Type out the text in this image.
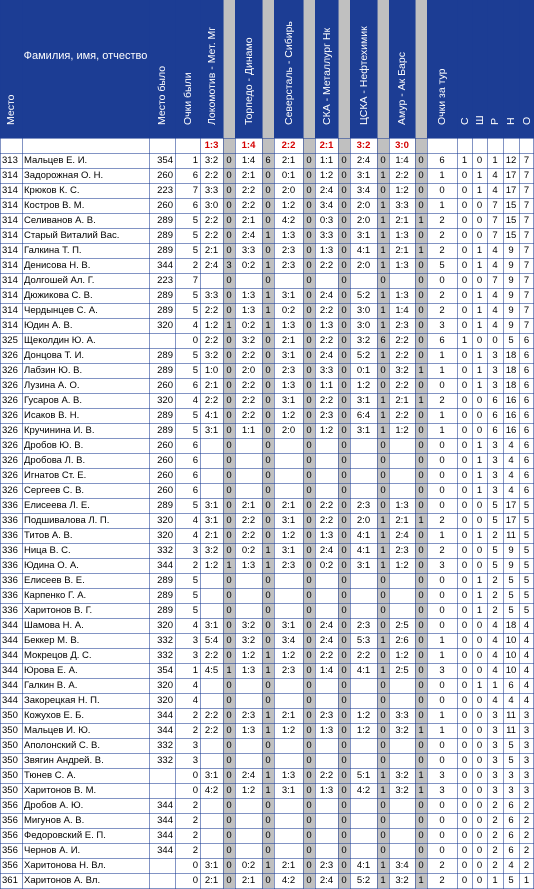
Место
Фамилия, имя, отчество
Место было Очки были Локомотив - Мет. Мг Торпедо - Динамо	Северсталь - Сибирь СКА - Металлург Нк ЦСКА - Нефтехимик	Амур - Ак Барс	Очки за тур С Ш Р Н О
1:3	1:4	2:2	2:1	3:2	3:0
313 Мальцев Е. И.	354	1 3:2 0	1:4	6	2:1	0 1:1 0	2:4	0	1:4	0	6	1	0	1 12 7
314 Задорожная О. Н.	260	6 2:2 0	2:1	0	0:1	0 1:2 0	3:1	1	2:2	0	1	0	1	4 17 7
314 Крюков К. С.	223	7 3:3 0	2:2	0	2:0	0 2:4 0	3:4	0	1:2	0	0	0	1	4 17 7
314 Костров В. М.	260	6 3:0 0	2:2	0	1:2	0 3:4 0	2:0	1	3:3	0	1	0	0	7 15 7
314 Селиванов А. В.	289	5 2:2 0	2:1	0	4:2	0 0:3 0	2:0	1	2:1	1	2	0	0	7 15 7
314 Старый Виталий Вас.	289	5 2:2 0	2:4	1	1:3	0 3:3 0	3:1	1	1:3	0	2	0	0	7 15 7
314 Галкина Т. П.	289	5 2:1 0	3:3	0	2:3	0 1:3 0	4:1	1	2:1	1	2	0	1	4	9	7
314 Денисова Н. В.	344	2 2:4 3	0:2	1	2:3	0 2:2 0	2:0	1	1:3	0	5	0	1	4	9	7
314 Долгошей Ал. Г.	223	7	0	0	0	0	0	0	0	0	0	7	9	7
314 Дюжикова С. В.	289	5 3:3 0	1:3	1	3:1	0 2:4 0	5:2	1	1:3	0	2	0	1	4	9	7
314 Чердынцев С. А.	289	5 2:2 0	1:3	1	0:2	0 2:2 0	3:0	1	1:4	0	2	0	1	4	9	7
314 Юдин А. В.	320	4 1:2 1	0:2	1	1:3	0 1:3 0	3:0	1	2:3	0	3	0	1	4	9	7
325 Щеколдин Ю. А.	0 2:2 0	3:2	0	2:1	0 2:2 0	3:2	6	2:2	0	6	1	0	0	5	6
326 Донцова Т. И.	289	5 3:2 0	2:2	0	3:1	0 2:4 0	5:2	1	2:2	0	1	0	1	3 18 6
326 Лабзин Ю. В.	289	5 1:0 0	2:0	0	2:3	0 3:3 0	0:1	0	3:2	1	1	0	1	3 18 6
326 Лузина А. О.	260	6 2:1 0	2:2	0	1:3	0 1:1 0	1:2	0	2:2	0	0	0	1	3 18 6
326 Гусаров А. В.	320	4 2:2 0	2:2	0	3:1	0 2:2 0	3:1	1	2:1	1	2	0	0	6 16 6
326 Исаков В. Н.	289	5 4:1 0	2:2	0	1:2	0 2:3 0	6:4	1	2:2	0	1	0	0	6 16 6
326 Кручинина И. В.	289	5 3:1 0	1:1	0	2:0	0 1:2 0	3:1	1	1:2	0	1	0	0	6 16 6
326 Дробов Ю. В.	260	6	0	0	0	0	0	0	0	0	1	3	4	6
326 Дробова Л. В.	260	6	0	0	0	0	0	0	0	0	1	3	4	6
326 Игнатов Ст. Е.	260	6	0	0	0	0	0	0	0	0	1	3	4	6
326 Сергеев С. В.	260	6	0	0	0	0	0	0	0	0	1	3	4	6
336 Елисеева Л. Е.	289	5 3:1 0	2:1	0	2:1	0 2:2 0	2:3	0	1:3	0	0	0	0	5 17 5
336 Подшивалова Л. П.	320	4 3:1 0	2:2	0	3:1	0 2:2 0	2:0	1	2:1	1	2	0	0	5 17 5
336 Титов А. В.	320	4 2:1 0	2:2	0	1:2	0 1:3 0	4:1	1	2:4	0	1	0	1	2 11 5
336 Ница В. С.	332	3 3:2 0	0:2	1	3:1	0 2:4 0	4:1	1	2:3	0	2	0	0	5	9	5
336 Юдина О. А.	344	2 1:2 1	1:3	1	2:3	0 0:2 0	3:1	1	1:2	0	3	0	0	5	9	5
336 Елисеев В. Е.	289	5	0	0	0	0	0	0	0	0	1	2	5	5
336 Карпенко Г. А.	289	5	0	0	0	0	0	0	0	0	1	2	5	5
336 Харитонов В. Г.	289	5	0	0	0	0	0	0	0	0	1	2	5	5
344 Шамова Н. А.	320	4 3:1 0	3:2	0	3:1	0 2:4 0	2:3	0	2:5	0	0	0	0	4 18 4
344 Беккер М. В.	332	3 5:4 0	3:2	0	3:4	0 2:4 0	5:3	1	2:6	0	1	0	0	4 10 4
344 Мокрецов Д. С.	332	3 2:2 0	1:2	1	1:2	0 2:2 0	2:2	0	1:2	0	1	0	0	4 10 4
344 Юрова Е. А.	354	1 4:5 1	1:3	1	2:3	0 1:4 0	4:1	1	2:5	0	3	0	0	4 10 4
344 Галкин В. А.	320	4	0	0	0	0	0	0	0	0	1	1	6	4
344 Закорецкая Н. П.	320	4	0	0	0	0	0	0	0	0	0	4	4	4
350 Кожухов Е. Б.	344	2 2:2 0	2:3	1	2:1	0 2:3 0	1:2	0	3:3	0	1	0	0	3 11 3
350 Мальцев И. Ю.	344	2 2:2 0	1:3	1	1:2	0 1:3 0	1:2	0	3:2	1	1	0	0	3 11 3
350 Аполонский С. В.	332	3	0	0	0	0	0	0	0	0	0	3	5	3
350 Звягин Андрей. В.	332	3	0	0	0	0	0	0	0	0	0	3	5	3
350 Тюнев С. А.	0 3:1 0	2:4	1	1:3	0 2:2 0	5:1	1	3:2	1	3	0	0	3	3	3
350 Харитонов В. М.	0 4:2 0	1:2	1	3:1	0 1:3 0	4:2	1	3:2	1	3	0	0	3	3	3
356 Дробов А. Ю.	344	2	0	0	0	0	0	0	0	0	0	2	6	2
356 Мигунов А. В.	344	2	0	0	0	0	0	0	0	0	0	2	6	2
356 Федоровский Е. П.	344	2	0	0	0	0	0	0	0	0	0	2	6	2
356 Чернов А. И.	344	2	0	0	0	0	0	0	0	0	0	2	6	2
356 Харитонова Н. Вл.	0 3:1 0	0:2	1	2:1	0 2:3 0	4:1	1	3:4	0	2	0	0	2	4	2
361 Харитонов А. Вл.	0 2:1 0	2:1	0	4:2	0 2:4 0	5:2	1	3:2	1	2	0	0	1	5	1
